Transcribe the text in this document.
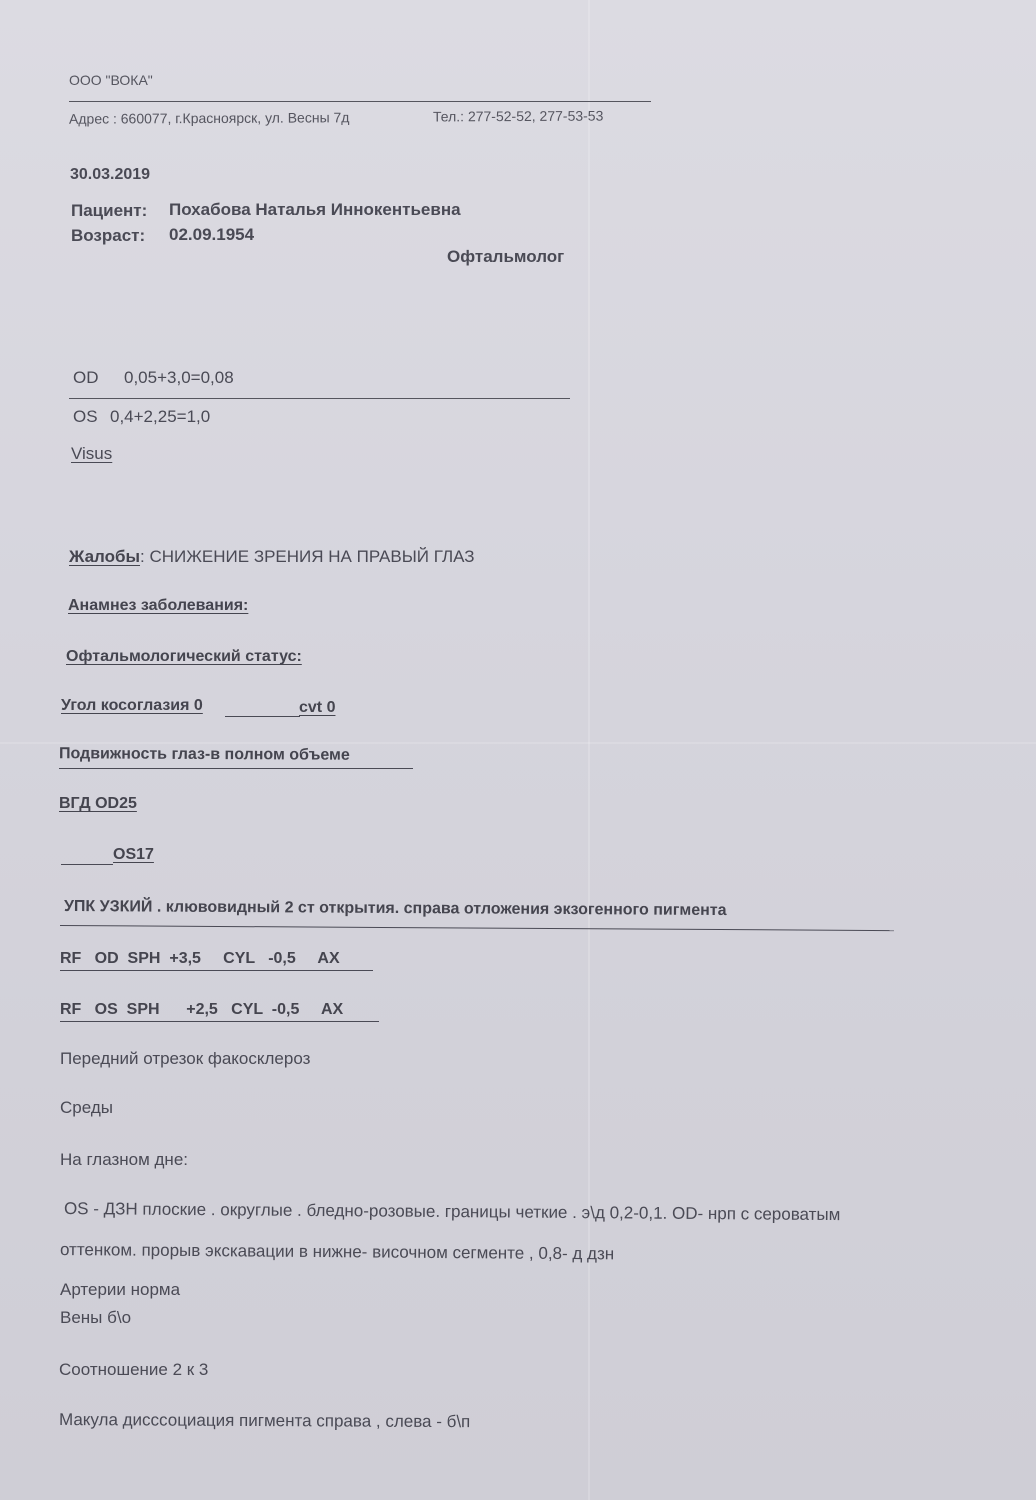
ООО "ВОКА"
Адрес : 660077, г.Красноярск, ул. Весны 7д	Тел.: 277-52-52, 277-53-53
30.03.2019
Пациент: Похабова Наталья Иннокентьевна
Возраст: 02.09.1954
Офтальмолог
OD 0,05+3,0=0,08
OS 0,4+2,25=1,0
Visus
Жалобы: СНИЖЕНИЕ ЗРЕНИЯ НА ПРАВЫЙ ГЛАЗ
Анамнез заболевания:
Офтальмологический статус:
Угол косоглазия 0	cvt 0
Подвижность глаз-в полном объеме
ВГД OD25
OS17
УПК УЗКИЙ . клювовидный 2 ст открытия. справа отложения экзогенного пигмента
RF   OD  SPH  +3,5     CYL   -0,5     AX
RF   OS  SPH      +2,5   CYL  -0,5     AX
Передний отрезок факосклероз
Среды
На глазном дне:
OS - ДЗН плоские . округлые . бледно-розовые. границы четкие . э\д 0,2-0,1. OD- нрп с сероватым
оттенком. прорыв экскавации в нижне- височном сегменте , 0,8- д дзн
Артерии норма
Вены б\о
Соотношение 2 к 3
Макула дисссоциация пигмента справа , слева - б\п
